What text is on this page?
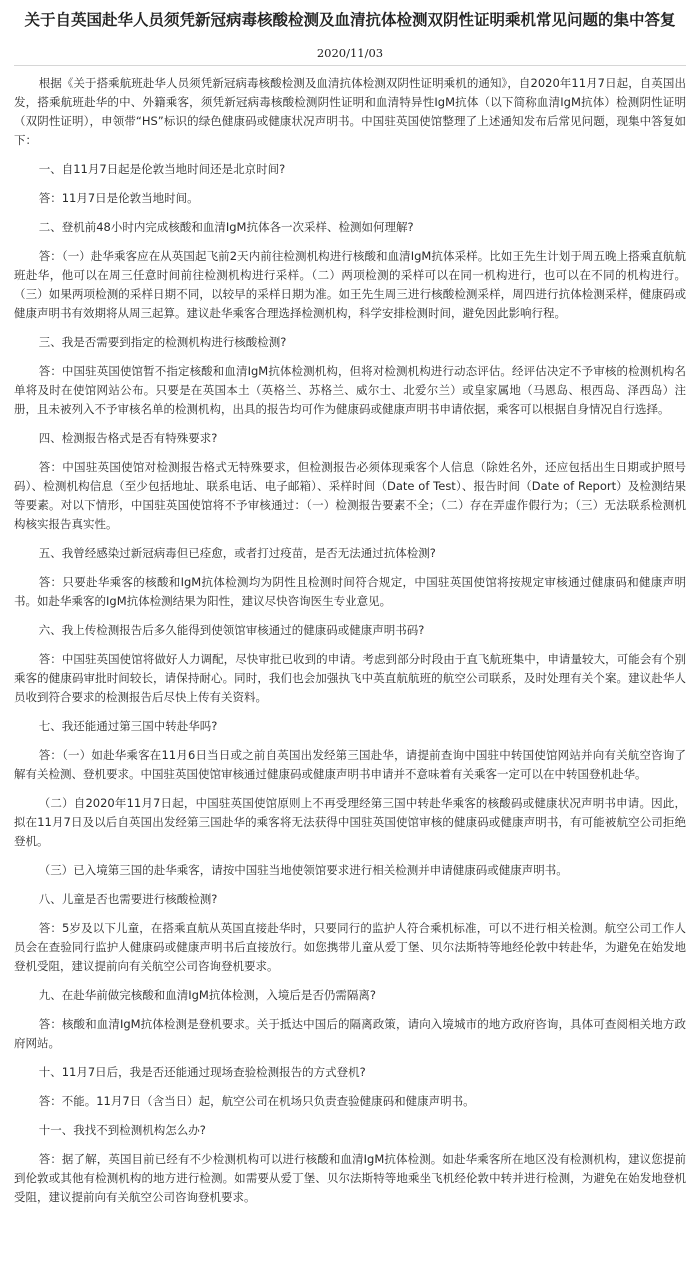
关于自英国赴华人员须凭新冠病毒核酸检测及血清抗体检测双阴性证明乘机常见问题的集中答复
2020/11/03

根据《关于搭乘航班赴华人员须凭新冠病毒核酸检测及血清抗体检测双阴性证明乘机的通知》，自2020年11月7日起，自英国出发，搭乘航班赴华的中、外籍乘客，须凭新冠病毒核酸检测阴性证明和血清特异性IgM抗体（以下简称血清IgM抗体）检测阴性证明（双阴性证明），申领带“HS”标识的绿色健康码或健康状况声明书。中国驻英国使馆整理了上述通知发布后常见问题，现集中答复如下：

一、自11月7日起是伦敦当地时间还是北京时间?

答：11月7日是伦敦当地时间。

二、登机前48小时内完成核酸和血清IgM抗体各一次采样、检测如何理解?

答：（一）赴华乘客应在从英国起飞前2天内前往检测机构进行核酸和血清IgM抗体采样。比如王先生计划于周五晚上搭乘直航航班赴华，他可以在周三任意时间前往检测机构进行采样。（二）两项检测的采样可以在同一机构进行，也可以在不同的机构进行。（三）如果两项检测的采样日期不同，以较早的采样日期为准。如王先生周三进行核酸检测采样，周四进行抗体检测采样，健康码或健康声明书有效期将从周三起算。建议赴华乘客合理选择检测机构，科学安排检测时间，避免因此影响行程。

三、我是否需要到指定的检测机构进行核酸检测?

答：中国驻英国使馆暂不指定核酸和血清IgM抗体检测机构，但将对检测机构进行动态评估。经评估决定不予审核的检测机构名单将及时在使馆网站公布。只要是在英国本土（英格兰、苏格兰、威尔士、北爱尔兰）或皇家属地（马恩岛、根西岛、泽西岛）注册，且未被列入不予审核名单的检测机构，出具的报告均可作为健康码或健康声明书申请依据，乘客可以根据自身情况自行选择。

四、检测报告格式是否有特殊要求?

答：中国驻英国使馆对检测报告格式无特殊要求，但检测报告必须体现乘客个人信息（除姓名外，还应包括出生日期或护照号码）、检测机构信息（至少包括地址、联系电话、电子邮箱）、采样时间（Date of Test）、报告时间（Date of Report）及检测结果等要素。对以下情形，中国驻英国使馆将不予审核通过：（一）检测报告要素不全；（二）存在弄虚作假行为；（三）无法联系检测机构核实报告真实性。

五、我曾经感染过新冠病毒但已痊愈，或者打过疫苗，是否无法通过抗体检测?

答：只要赴华乘客的核酸和IgM抗体检测均为阴性且检测时间符合规定，中国驻英国使馆将按规定审核通过健康码和健康声明书。如赴华乘客的IgM抗体检测结果为阳性，建议尽快咨询医生专业意见。

六、我上传检测报告后多久能得到使领馆审核通过的健康码或健康声明书码?

答：中国驻英国使馆将做好人力调配，尽快审批已收到的申请。考虑到部分时段由于直飞航班集中，申请量较大，可能会有个别乘客的健康码审批时间较长，请保持耐心。同时，我们也会加强执飞中英直航航班的航空公司联系，及时处理有关个案。建议赴华人员收到符合要求的检测报告后尽快上传有关资料。

七、我还能通过第三国中转赴华吗?

答：（一）如赴华乘客在11月6日当日或之前自英国出发经第三国赴华，请提前查询中国驻中转国使馆网站并向有关航空咨询了解有关检测、登机要求。中国驻英国使馆审核通过健康码或健康声明书申请并不意味着有关乘客一定可以在中转国登机赴华。

（二）自2020年11月7日起，中国驻英国使馆原则上不再受理经第三国中转赴华乘客的核酸码或健康状况声明书申请。因此，拟在11月7日及以后自英国出发经第三国赴华的乘客将无法获得中国驻英国使馆审核的健康码或健康声明书，有可能被航空公司拒绝登机。

（三）已入境第三国的赴华乘客，请按中国驻当地使领馆要求进行相关检测并申请健康码或健康声明书。

八、儿童是否也需要进行核酸检测?

答：5岁及以下儿童，在搭乘直航从英国直接赴华时，只要同行的监护人符合乘机标准，可以不进行相关检测。航空公司工作人员会在查验同行监护人健康码或健康声明书后直接放行。如您携带儿童从爱丁堡、贝尔法斯特等地经伦敦中转赴华，为避免在始发地登机受阻，建议提前向有关航空公司咨询登机要求。

九、在赴华前做完核酸和血清IgM抗体检测，入境后是否仍需隔离?

答：核酸和血清IgM抗体检测是登机要求。关于抵达中国后的隔离政策，请向入境城市的地方政府咨询，具体可查阅相关地方政府网站。

十、11月7日后，我是否还能通过现场查验检测报告的方式登机?

答：不能。11月7日（含当日）起，航空公司在机场只负责查验健康码和健康声明书。

十一、我找不到检测机构怎么办?

答：据了解，英国目前已经有不少检测机构可以进行核酸和血清IgM抗体检测。如赴华乘客所在地区没有检测机构，建议您提前到伦敦或其他有检测机构的地方进行检测。如需要从爱丁堡、贝尔法斯特等地乘坐飞机经伦敦中转并进行检测，为避免在始发地登机受阻，建议提前向有关航空公司咨询登机要求。
